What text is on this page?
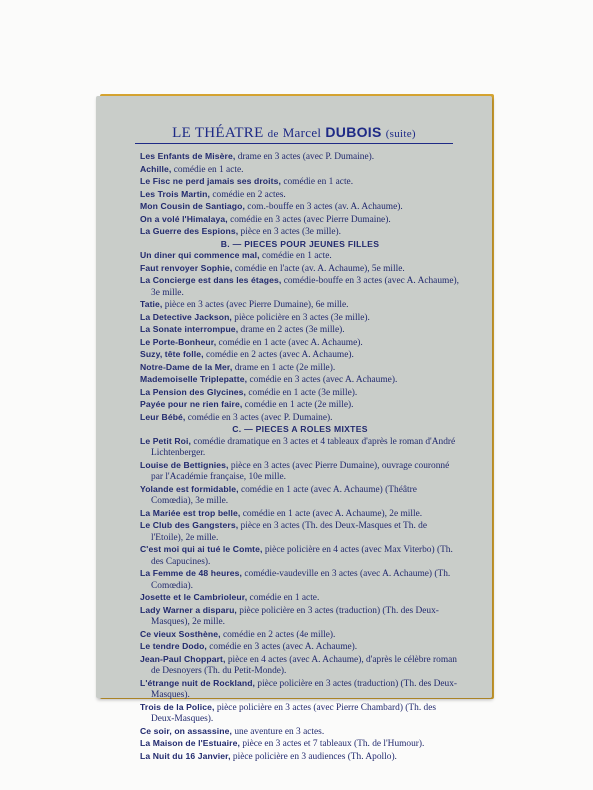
LE THÉATRE de Marcel DUBOIS (suite)

Les Enfants de Misère, drame en 3 actes (avec P. Dumaine).

Achille, comédie en 1 acte.

Le Fisc ne perd jamais ses droits, comédie en 1 acte.

Les Trois Martin, comédie en 2 actes.

Mon Cousin de Santiago, com.-bouffe en 3 actes (av. A. Achaume).

On a volé l'Himalaya, comédie en 3 actes (avec Pierre Dumaine).

La Guerre des Espions, pièce en 3 actes (3e mille).

B. — PIECES POUR JEUNES FILLES

Un diner qui commence mal, comédie en 1 acte.

Faut renvoyer Sophie, comédie en l'acte (av. A. Achaume), 5e mille.

La Concierge est dans les étages, comédie-bouffe en 3 actes (avec A. Achaume), 3e mille.

Tatie, pièce en 3 actes (avec Pierre Dumaine), 6e mille.

La Detective Jackson, pièce policière en 3 actes (3e mille).

La Sonate interrompue, drame en 2 actes (3e mille).

Le Porte-Bonheur, comédie en 1 acte (avec A. Achaume).

Suzy, tête folle, comédie en 2 actes (avec A. Achaume).

Notre-Dame de la Mer, drame en 1 acte (2e mille).

Mademoiselle Triplepatte, comédie en 3 actes (avec A. Achaume).

La Pension des Glycines, comédie en 1 acte (3e mille).

Payée pour ne rien faire, comédie en 1 acte (2e mille).

Leur Bébé, comédie en 3 actes (avec P. Dumaine).

C. — PIECES A ROLES MIXTES

Le Petit Roi, comédie dramatique en 3 actes et 4 tableaux d'après le roman d'André Lichtenberger.

Louise de Bettignies, pièce en 3 actes (avec Pierre Dumaine), ouvrage couronné par l'Académie française, 10e mille.

Yolande est formidable, comédie en 1 acte (avec A. Achaume) (Théâtre Comœdia), 3e mille.

La Mariée est trop belle, comédie en 1 acte (avec A. Achaume), 2e mille.

Le Club des Gangsters, pièce en 3 actes (Th. des Deux-Masques et Th. de l'Etoile), 2e mille.

C'est moi qui ai tué le Comte, pièce policière en 4 actes (avec Max Viterbo) (Th. des Capucines).

La Femme de 48 heures, comédie-vaudeville en 3 actes (avec A. Achaume) (Th. Comœdia).

Josette et le Cambrioleur, comédie en 1 acte.

Lady Warner a disparu, pièce policière en 3 actes (traduction) (Th. des Deux-Masques), 2e mille.

Ce vieux Sosthène, comédie en 2 actes (4e mille).

Le tendre Dodo, comédie en 3 actes (avec A. Achaume).

Jean-Paul Choppart, pièce en 4 actes (avec A. Achaume), d'après le célèbre roman de Desnoyers (Th. du Petit-Monde).

L'étrange nuit de Rockland, pièce policière en 3 actes (traduction) (Th. des Deux-Masques).

Trois de la Police, pièce policière en 3 actes (avec Pierre Chambard) (Th. des Deux-Masques).

Ce soir, on assassine, une aventure en 3 actes.

La Maison de l'Estuaire, pièce en 3 actes et 7 tableaux (Th. de l'Humour).

La Nuit du 16 Janvier, pièce policière en 3 audiences (Th. Apollo).
